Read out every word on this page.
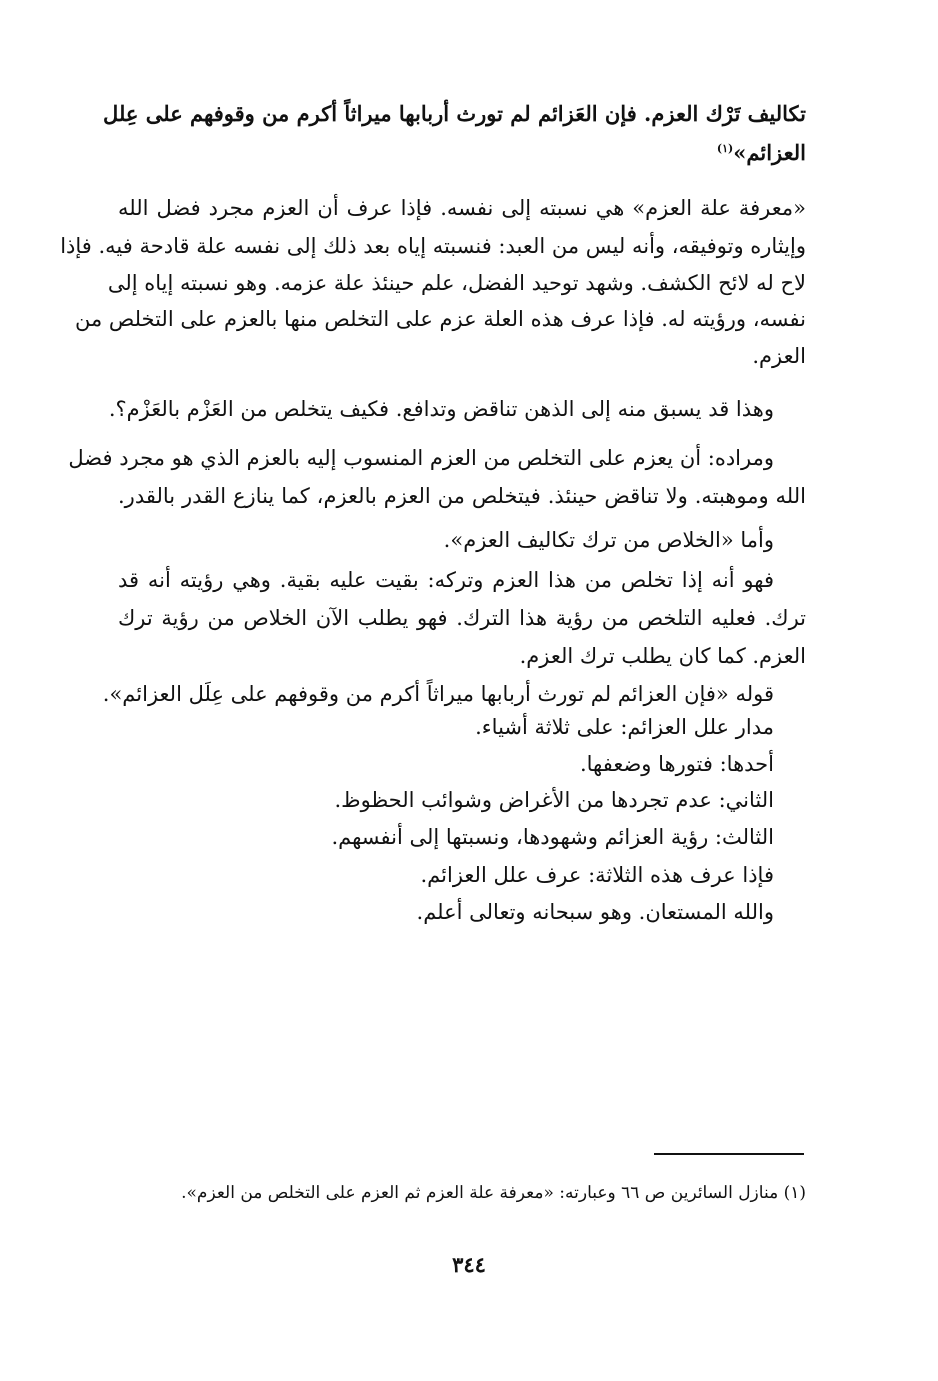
تكاليف تَرْك العزم. فإن العَزائم لم تورث أربابها ميراثاً أكرم من وقوفهم على عِلل
العزائم»$^{(١)}$
«معرفة علة العزم» هي نسبته إلى نفسه. فإذا عرف أن العزم مجرد فضل الله
وإيثاره وتوفيقه، وأنه ليس من العبد: فنسبته إياه بعد ذلك إلى نفسه علة قادحة فيه. فإذا
لاح له لائح الكشف. وشهد توحيد الفضل، علم حينئذ علة عزمه. وهو نسبته إياه إلى
نفسه، ورؤيته له. فإذا عرف هذه العلة عزم على التخلص منها بالعزم على التخلص من
العزم.
وهذا قد يسبق منه إلى الذهن تناقض وتدافع. فكيف يتخلص من العَزْم بالعَزْم؟.
ومراده: أن يعزم على التخلص من العزم المنسوب إليه بالعزم الذي هو مجرد فضل
الله وموهبته. ولا تناقض حينئذ. فيتخلص من العزم بالعزم، كما ينازع القدر بالقدر.
وأما «الخلاص من ترك تكاليف العزم».
فهو أنه إذا تخلص من هذا العزم وتركه: بقيت عليه بقية. وهي رؤيته أنه قد
ترك. فعليه التلخص من رؤية هذا الترك. فهو يطلب الآن الخلاص من رؤية ترك
العزم. كما كان يطلب ترك العزم.
قوله «فإن العزائم لم تورث أربابها ميراثاً أكرم من وقوفهم على عِلَل العزائم».
مدار علل العزائم: على ثلاثة أشياء.
أحدها: فتورها وضعفها.
الثاني: عدم تجردها من الأغراض وشوائب الحظوظ.
الثالث: رؤية العزائم وشهودها، ونسبتها إلى أنفسهم.
فإذا عرف هذه الثلاثة: عرف علل العزائم.
والله المستعان. وهو سبحانه وتعالى أعلم.
(١) منازل السائرين ص ٦٦ وعبارته: «معرفة علة العزم ثم العزم على التخلص من العزم».
٣٤٤
